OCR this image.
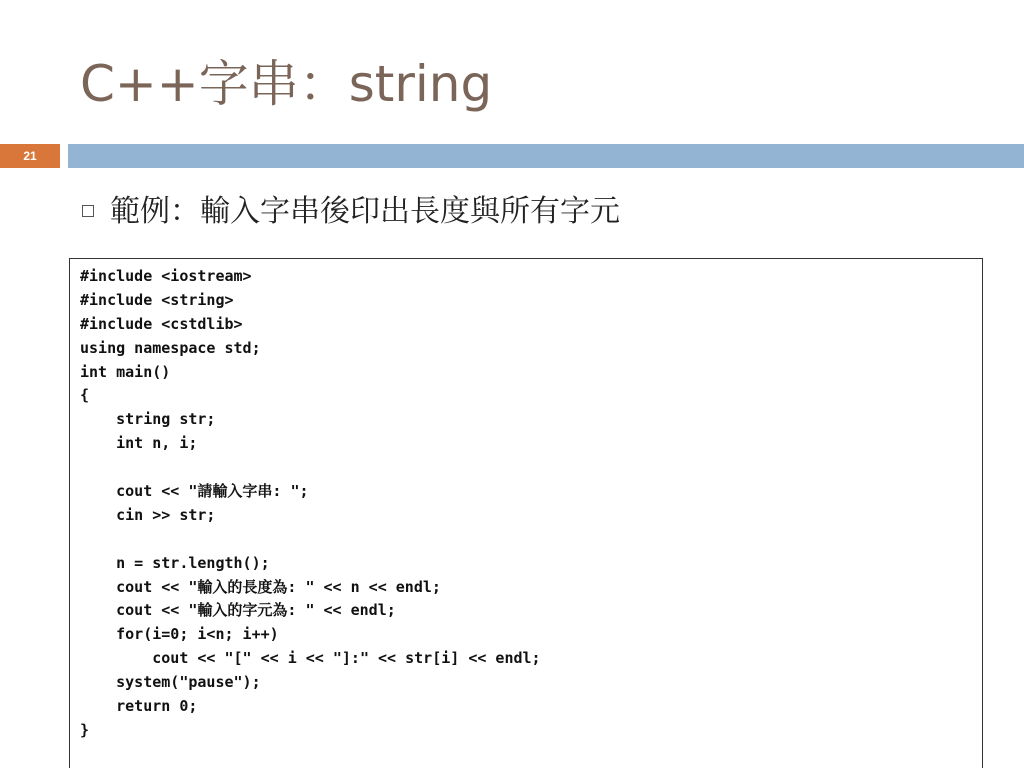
C++字串：string
21
範例：輸入字串後印出長度與所有字元
#include <iostream>
#include <string>
#include <cstdlib>
using namespace std;
int main()
{
string str;
int n, i;
cout << "請輸入字串: ";
cin >> str;
n = str.length();
cout << "輸入的長度為: " << n << endl;
cout << "輸入的字元為: " << endl;
for(i=0; i<n; i++)
cout << "[" << i << "]:" << str[i] << endl;
system("pause");
return 0;
}
